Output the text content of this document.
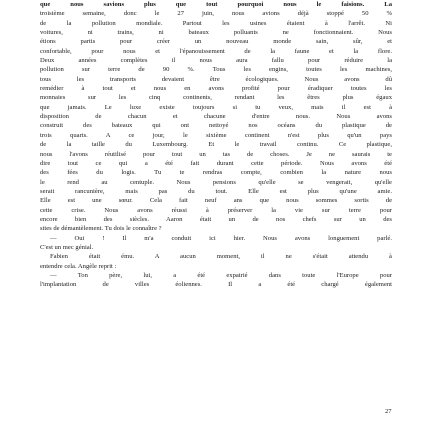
que nous savions plus que tout pourquoi nous le faisions. La
troisième semaine, donc le 27 juin, nous avions déjà stoppé 50 %
de la pollution mondiale. Partout les usines étaient à l'arrêt. Ni
voitures, ni trains, ni bateaux polluants ne fonctionnaient. Nous
étions partis pour créer un nouveau monde sain, sûr, et
confortable, pour nous et l'épanouissement de la faune et la flore.
Deux années complètes il nous aura fallu pour réduire la
pollution sur terre de 90 %. Tous les engins, toutes les machines,
tous les transports devaient être écologiques. Nous avons dû
remédier à tout et nous en avons profité pour éradiquer toutes les
monnaies sur les cinq continents, rendant les êtres plus égaux
que jamais. Le luxe existe toujours si tu veux, mais il est à
disposition de chacun et chacune d'entre nous. Nous avons
construit des bateaux qui ont nettoyé nos océans du plastique de
trois quarts. A ce jour, le sixième continent n'est plus qu'un pays
de la taille du Luxembourg. Et le travail continu. Ce plastique,
nous l'avons réutilisé pour tout un tas de choses. Je ne saurais te
dire tout ce qui a été fait durant cette période. Nous avons été
des fées du logis. Tu te rendras compte, combien la nature nous
le rend au centuple. Nous pensions qu'elle se vengerait, qu'elle
serait rancunière, mais pas du tout. Elle est plus qu'une amie.
Elle est une sœur. Cela fait neuf ans que nous sommes sortis de
cette crise. Nous avons réussi à préserver la vie sur terre pour
encore bien des siècles. Aaron était un de nos chefs sur un des
sites de démantèlement. Tu dois le connaître ?
— Oui ! Il m'a conduit ici hier. Nous avons longuement parlé.
C'est un mec génial.
Fabien était ému. A aucun moment, il ne s'était attendu à
entendre cela. Angèle reprit :
— Ton père, lui, a été expatrié dans toute l'Europe pour
l'implantation de villes éoliennes. Il a été chargé également

27
